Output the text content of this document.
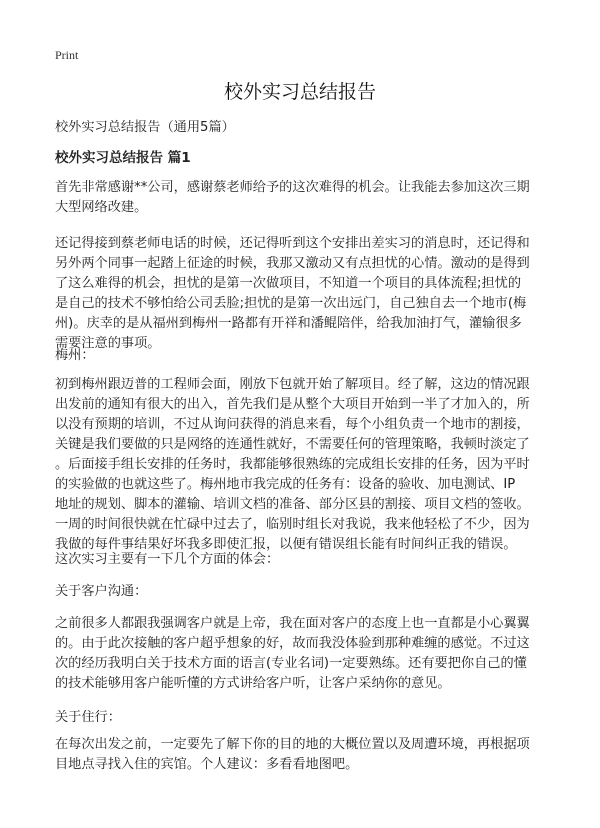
Print
校外实习总结报告
校外实习总结报告（通用5篇）
校外实习总结报告 篇1
首先非常感谢**公司，感谢蔡老师给予的这次难得的机会。让我能去参加这次三期
大型网络改建。
还记得接到蔡老师电话的时候，还记得听到这个安排出差实习的消息时，还记得和
另外两个同事一起踏上征途的时候，我那又激动又有点担忧的心情。激动的是得到
了这么难得的机会，担忧的是第一次做项目，不知道一个项目的具体流程;担忧的
是自己的技术不够怕给公司丢脸;担忧的是第一次出远门，自己独自去一个地市(梅
州)。庆幸的是从福州到梅州一路都有开祥和潘鲲陪伴，给我加油打气，灌输很多
需要注意的事项。
梅州：
初到梅州跟迈普的工程师会面，刚放下包就开始了解项目。经了解，这边的情况跟
出发前的通知有很大的出入，首先我们是从整个大项目开始到一半了才加入的，所
以没有预期的培训，不过从询问获得的消息来看，每个小组负责一个地市的割接，
关键是我们要做的只是网络的连通性就好，不需要任何的管理策略，我顿时淡定了
。后面接手组长安排的任务时，我都能够很熟练的完成组长安排的任务，因为平时
的实验做的也就这些了。梅州地市我完成的任务有：设备的验收、加电测试、IP
地址的规划、脚本的灌输、培训文档的准备、部分区县的割接、项目文档的签收。
一周的时间很快就在忙碌中过去了，临别时组长对我说，我来他轻松了不少，因为
我做的每件事结果好坏我多即使汇报，以便有错误组长能有时间纠正我的错误。
这次实习主要有一下几个方面的体会：
关于客户沟通：
之前很多人都跟我强调客户就是上帝，我在面对客户的态度上也一直都是小心翼翼
的。由于此次接触的客户超乎想象的好，故而我没体验到那种难缠的感觉。不过这
次的经历我明白关于技术方面的语言(专业名词)一定要熟练。还有要把你自己的懂
的技术能够用客户能听懂的方式讲给客户听，让客户采纳你的意见。
关于住行：
在每次出发之前，一定要先了解下你的目的地的大概位置以及周遭环境，再根据项
目地点寻找入住的宾馆。个人建议：多看看地图吧。
